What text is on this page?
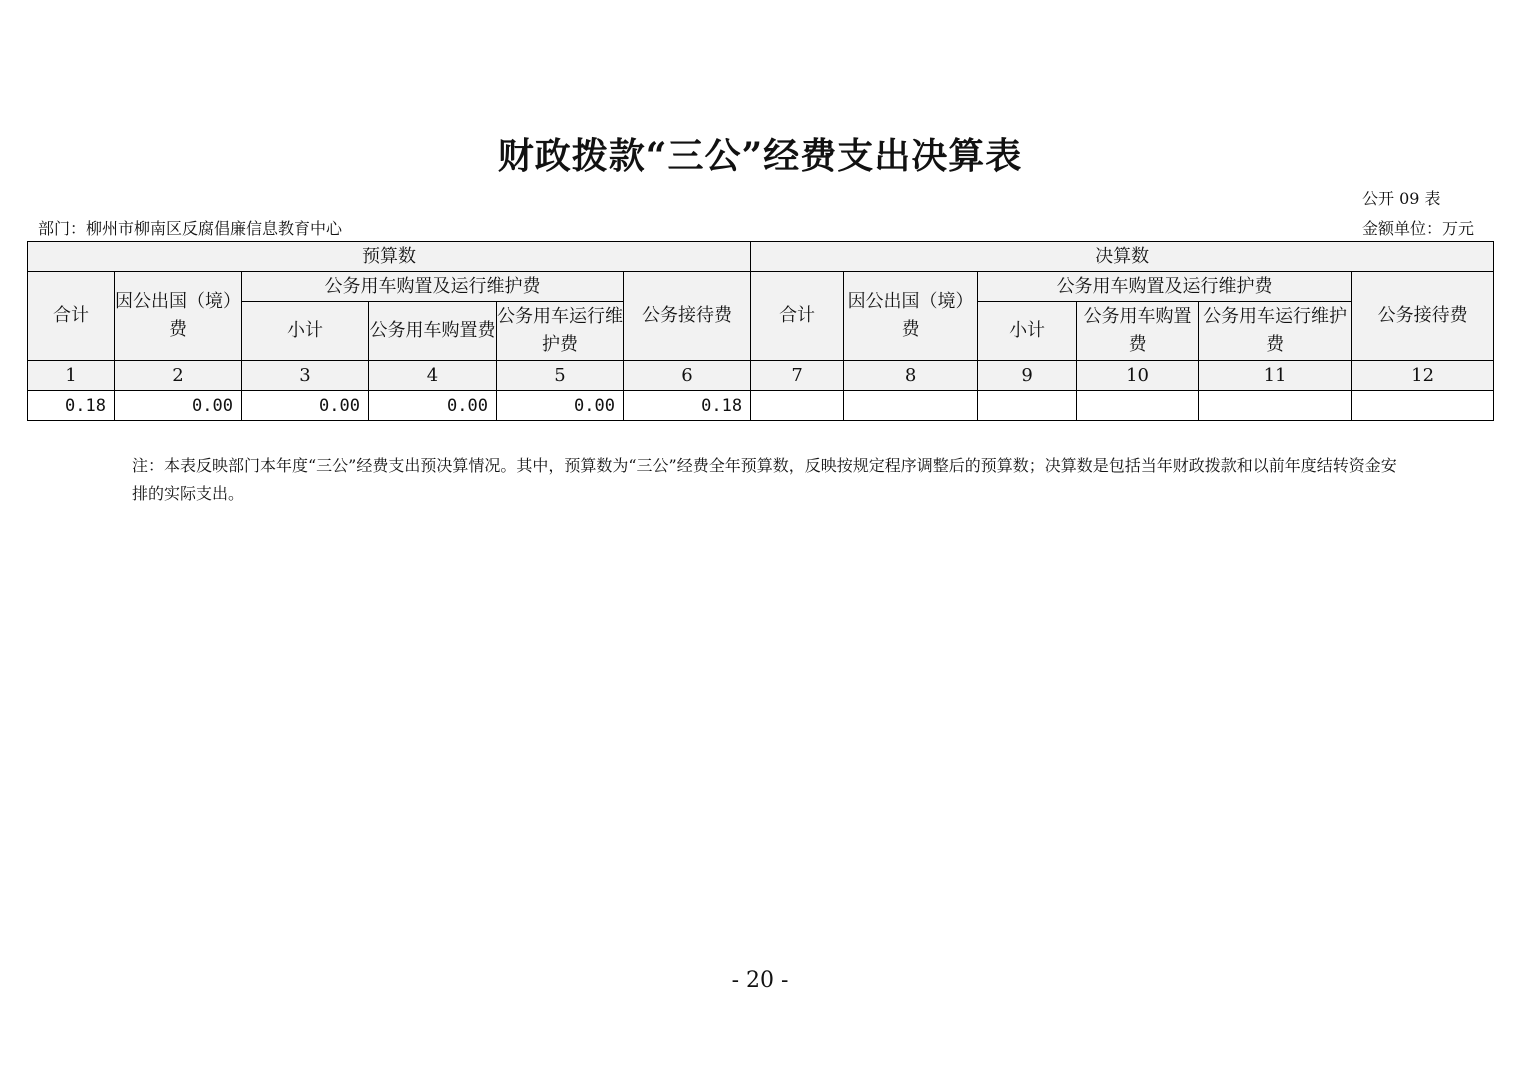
财政拨款“三公”经费支出决算表
公开 09 表
部门：柳州市柳南区反腐倡廉信息教育中心	金额单位：万元
预算数						决算数					
合计	因公出国（境）费	公务用车购置及运行维护费			公务接待费	合计	因公出国（境）费	公务用车购置及运行维护费			公务接待费
		小计	公务用车购置费	公务用车运行维护费				小计	公务用车购置费	公务用车运行维护费	
1	2	3	4	5	6	7	8	9	10	11	12
0.18	0.00	0.00	0.00	0.00	0.18						
注：本表反映部门本年度“三公”经费支出预决算情况。其中，预算数为“三公”经费全年预算数，反映按规定程序调整后的预算数；决算数是包括当年财政拨款和以前年度结转资金安排的实际支出。
- 20 -
